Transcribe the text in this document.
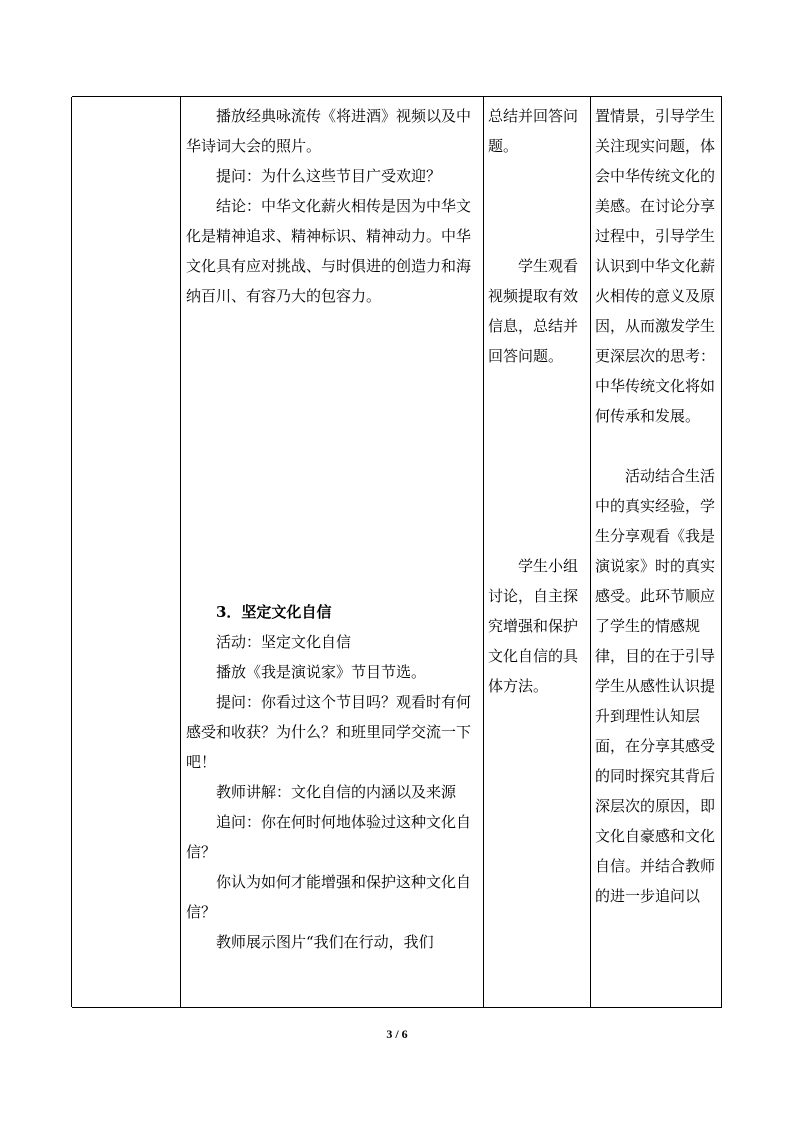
播放经典咏流传《将进酒》视频以及中华诗词大会的照片。

提问：为什么这些节目广受欢迎？

结论：中华文化薪火相传是因为中华文化是精神追求、精神标识、精神动力。中华文化具有应对挑战、与时俱进的创造力和海纳百川、有容乃大的包容力。

3．坚定文化自信

活动：坚定文化自信

播放《我是演说家》节目节选。

提问：你看过这个节目吗？观看时有何感受和收获？为什么？和班里同学交流一下吧！

教师讲解：文化自信的内涵以及来源

追问：你在何时何地体验过这种文化自信？

你认为如何才能增强和保护这种文化自信？

教师展示图片“我们在行动，我们

总结并回答问题。

学生观看视频提取有效信息，总结并回答问题。

学生小组讨论，自主探究增强和保护文化自信的具体方法。

置情景，引导学生关注现实问题，体会中华传统文化的美感。在讨论分享过程中，引导学生认识到中华文化薪火相传的意义及原因，从而激发学生更深层次的思考：中华传统文化将如何传承和发展。

活动结合生活中的真实经验，学生分享观看《我是演说家》时的真实感受。此环节顺应了学生的情感规律，目的在于引导学生从感性认识提升到理性认知层面，在分享其感受的同时探究其背后深层次的原因，即文化自豪感和文化自信。并结合教师的进一步追问以

3 / 6
